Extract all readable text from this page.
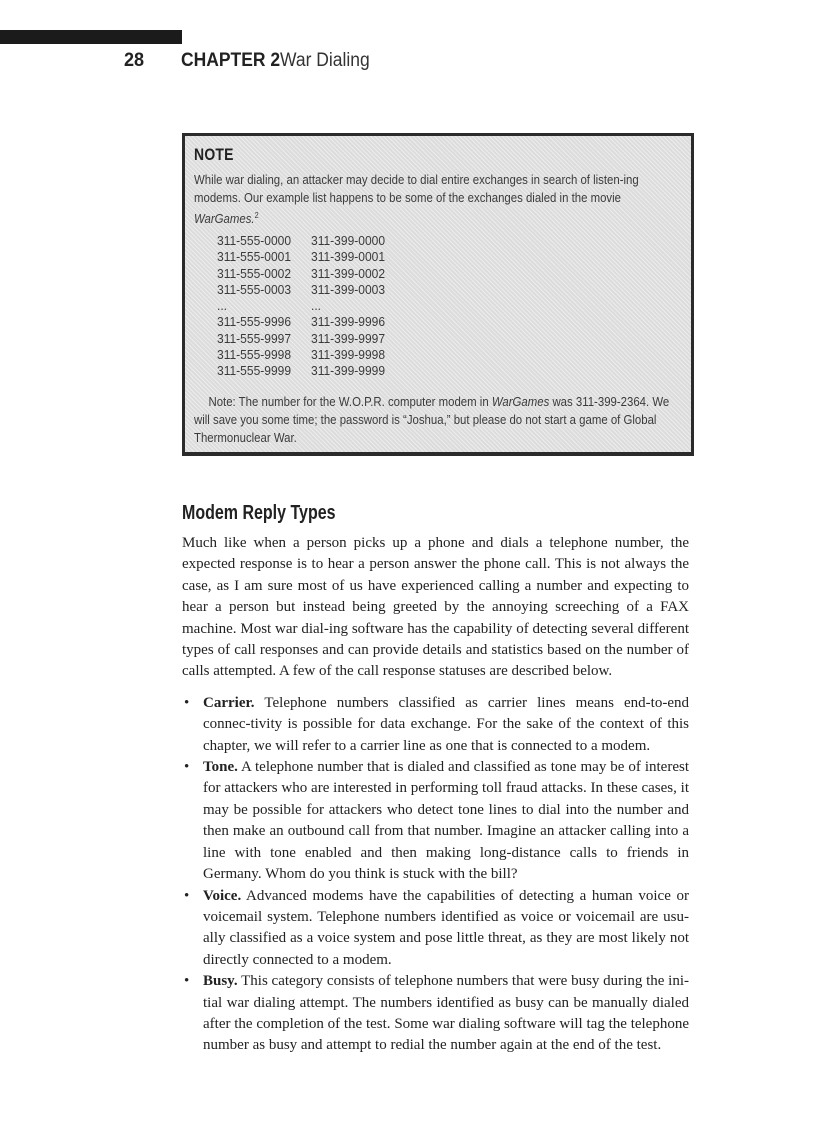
28 CHAPTER 2 War Dialing
NOTE
While war dialing, an attacker may decide to dial entire exchanges in search of listen-ing modems. Our example list happens to be some of the exchanges dialed in the movie WarGames.$^2$
311-555-0000	311-399-0000
311-555-0001	311-399-0001
311-555-0002	311-399-0002
311-555-0003	311-399-0003
...	...
311-555-9996	311-399-9996
311-555-9997	311-399-9997
311-555-9998	311-399-9998
311-555-9999	311-399-9999
Note: The number for the W.O.P.R. computer modem in WarGames was 311-399-2364. We will save you some time; the password is “Joshua,” but please do not start a game of Global Thermonuclear War.
Modem Reply Types

Much like when a person picks up a phone and dials a telephone number, the expected response is to hear a person answer the phone call. This is not always the case, as I am sure most of us have experienced calling a number and expecting to hear a person but instead being greeted by the annoying screeching of a FAX machine. Most war dial-ing software has the capability of detecting several different types of call responses and can provide details and statistics based on the number of calls attempted. A few of the call response statuses are described below.

• Carrier. Telephone numbers classified as carrier lines means end-to-end connec-tivity is possible for data exchange. For the sake of the context of this chapter, we will refer to a carrier line as one that is connected to a modem.
• Tone. A telephone number that is dialed and classified as tone may be of interest for attackers who are interested in performing toll fraud attacks. In these cases, it may be possible for attackers who detect tone lines to dial into the number and then make an outbound call from that number. Imagine an attacker calling into a line with tone enabled and then making long-distance calls to friends in Germany. Whom do you think is stuck with the bill?
• Voice. Advanced modems have the capabilities of detecting a human voice or voicemail system. Telephone numbers identified as voice or voicemail are usu-ally classified as a voice system and pose little threat, as they are most likely not directly connected to a modem.
• Busy. This category consists of telephone numbers that were busy during the ini-tial war dialing attempt. The numbers identified as busy can be manually dialed after the completion of the test. Some war dialing software will tag the telephone number as busy and attempt to redial the number again at the end of the test.
